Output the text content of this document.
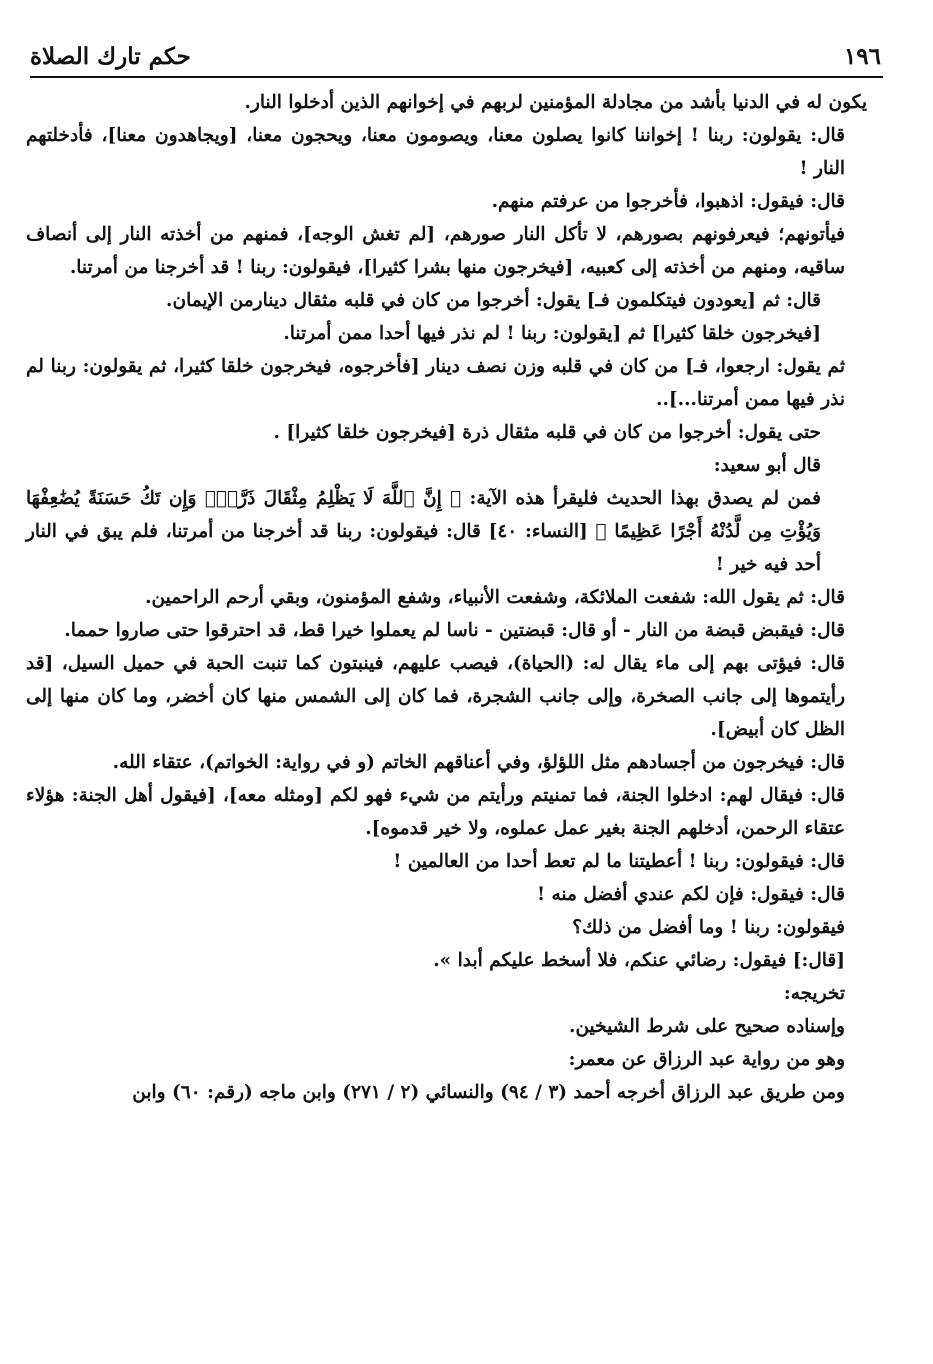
١٩٦
حكم تارك الصلاة

يكون له في الدنيا بأشد من مجادلة المؤمنين لربهم في إخوانهم الذين أدخلوا النار.

قال: يقولون: ربنا ! إخواننا كانوا يصلون معنا، ويصومون معنا، ويحجون معنا، [ويجاهدون معنا]، فأدخلتهم النار !

قال: فيقول: اذهبوا، فأخرجوا من عرفتم منهم.

فيأتونهم؛ فيعرفونهم بصورهم، لا تأكل النار صورهم، [لم تغش الوجه]، فمنهم من أخذته النار إلى أنصاف ساقيه، ومنهم من أخذته إلى كعبيه، [فيخرجون منها بشرا كثيرا]، فيقولون: ربنا ! قد أخرجنا من أمرتنا.

قال: ثم [يعودون فيتكلمون فـ] يقول: أخرجوا من كان في قلبه مثقال دينارمن الإيمان.

[فيخرجون خلقا كثيرا] ثم [يقولون: ربنا ! لم نذر فيها أحدا ممن أمرتنا.

ثم يقول: ارجعوا، فـ] من كان في قلبه وزن نصف دينار [فأخرجوه، فيخرجون خلقا كثيرا، ثم يقولون: ربنا لم نذر فيها ممن أمرتنا...]..

حتى يقول: أخرجوا من كان في قلبه مثقال ذرة [فيخرجون خلقا كثيرا] .

قال أبو سعيد:

فمن لم يصدق بهذا الحديث فليقرأ هذه الآية: ﴿ إِنَّ ٱللَّهَ لَا يَظْلِمُ مِثْقَالَ ذَرَّةٍۖ وَإِن تَكُ حَسَنَةً يُضَٰعِفْهَا وَيُؤْتِ مِن لَّدُنْهُ أَجْرًا عَظِيمًا ﴾ [النساء: ٤٠] قال: فيقولون: ربنا قد أخرجنا من أمرتنا، فلم يبق في النار أحد فيه خير !

قال: ثم يقول الله: شفعت الملائكة، وشفعت الأنبياء، وشفع المؤمنون، وبقي أرحم الراحمين.

قال: فيقبض قبضة من النار - أو قال: قبضتين - ناسا لم يعملوا خيرا قط، قد احترقوا حتى صاروا حمما.

قال: فيؤتى بهم إلى ماء يقال له: (الحياة)، فيصب عليهم، فينبتون كما تنبت الحبة في حميل السيل، [قد رأيتموها إلى جانب الصخرة، وإلى جانب الشجرة، فما كان إلى الشمس منها كان أخضر، وما كان منها إلى الظل كان أبيض].

قال: فيخرجون من أجسادهم مثل اللؤلؤ، وفي أعناقهم الخاتم (و في رواية: الخواتم)، عتقاء الله.

قال: فيقال لهم: ادخلوا الجنة، فما تمنيتم ورأيتم من شيء فهو لكم [ومثله معه]، [فيقول أهل الجنة: هؤلاء عتقاء الرحمن، أدخلهم الجنة بغير عمل عملوه، ولا خير قدموه].

قال: فيقولون: ربنا ! أعطيتنا ما لم تعط أحدا من العالمين !

قال: فيقول: فإن لكم عندي أفضل منه !

فيقولون: ربنا ! وما أفضل من ذلك؟

[قال:] فيقول: رضائي عنكم، فلا أسخط عليكم أبدا ».

تخريجه:

وإسناده صحيح على شرط الشيخين.

وهو من رواية عبد الرزاق عن معمر:

ومن طريق عبد الرزاق أخرجه أحمد (٣ / ٩٤) والنسائي (٢ / ٢٧١) وابن ماجه (رقم: ٦٠) وابن
